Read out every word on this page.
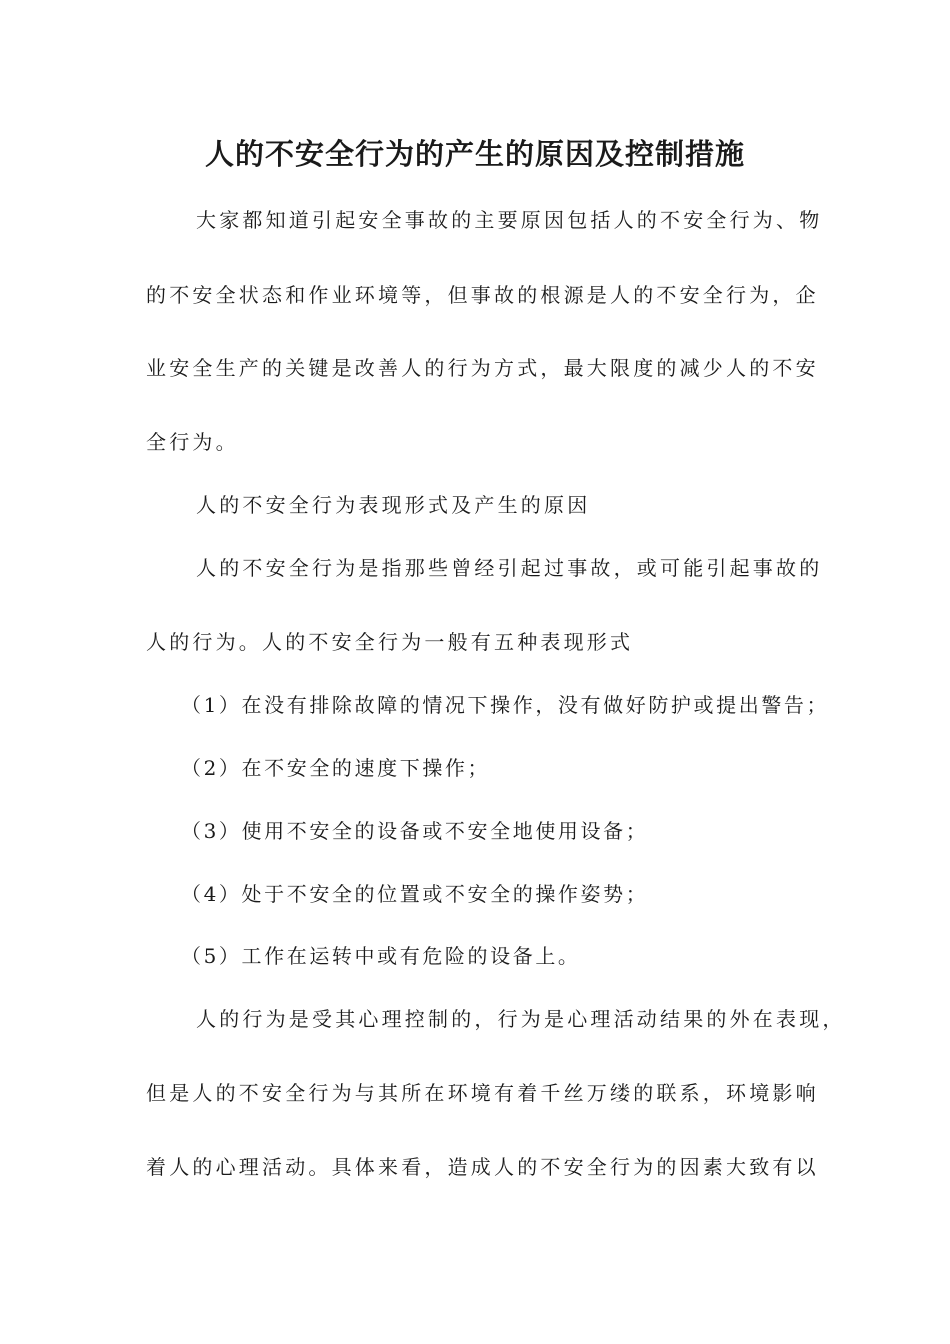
人的不安全行为的产生的原因及控制措施
大家都知道引起安全事故的主要原因包括人的不安全行为、物
的不安全状态和作业环境等，但事故的根源是人的不安全行为，企
业安全生产的关键是改善人的行为方式，最大限度的减少人的不安
全行为。
人的不安全行为表现形式及产生的原因
人的不安全行为是指那些曾经引起过事故，或可能引起事故的
人的行为。人的不安全行为一般有五种表现形式
（1）在没有排除故障的情况下操作，没有做好防护或提出警告；
（2）在不安全的速度下操作；
（3）使用不安全的设备或不安全地使用设备；
（4）处于不安全的位置或不安全的操作姿势；
（5）工作在运转中或有危险的设备上。
人的行为是受其心理控制的，行为是心理活动结果的外在表现，
但是人的不安全行为与其所在环境有着千丝万缕的联系，环境影响
着人的心理活动。具体来看，造成人的不安全行为的因素大致有以
